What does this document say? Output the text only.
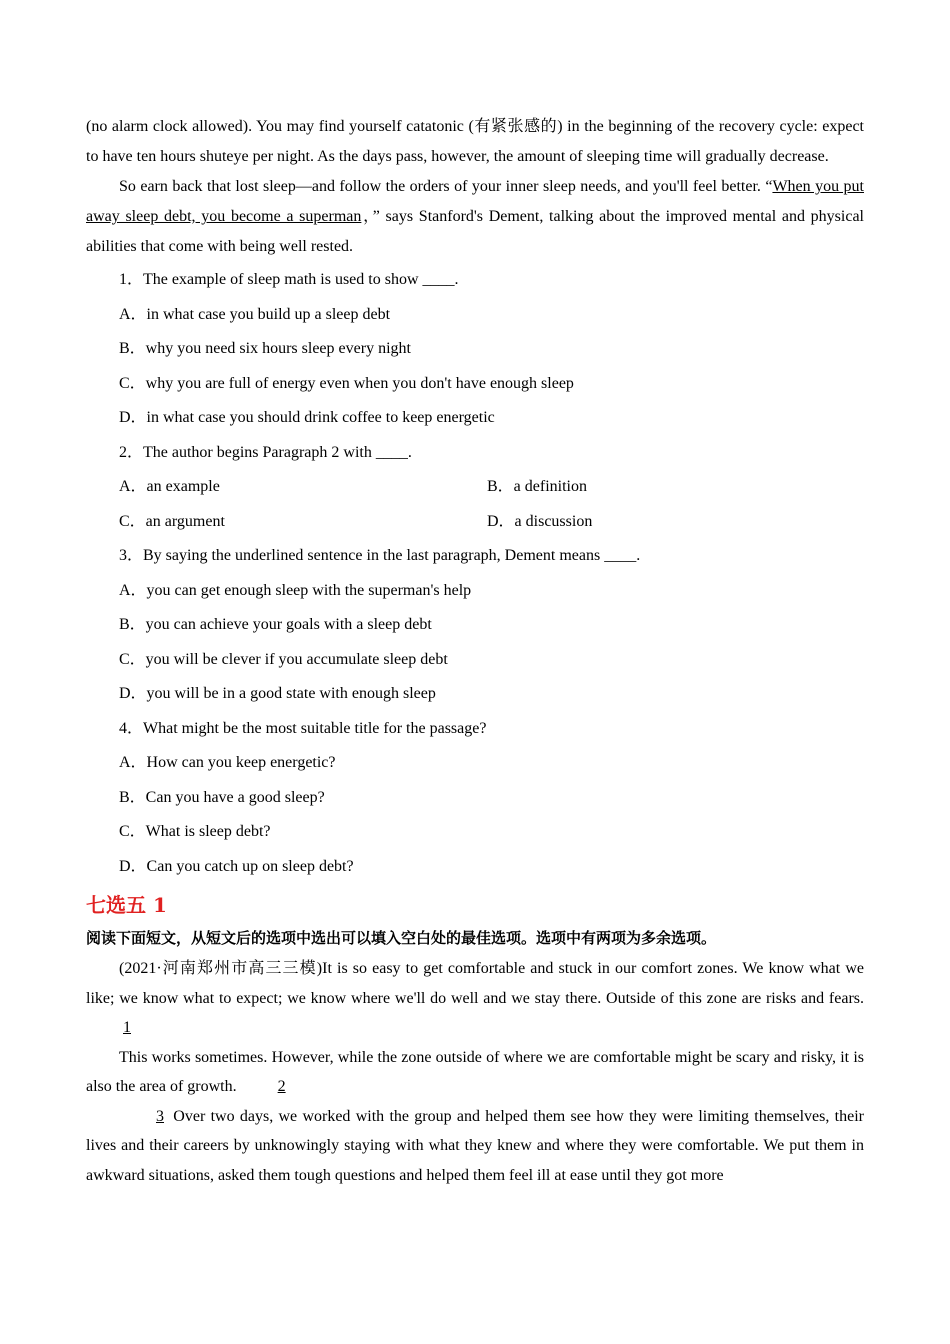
(no alarm clock allowed). You may find yourself catatonic (有紧张感的) in the beginning of the recovery cycle: expect to have ten hours shuteye per night. As the days pass, however, the amount of sleeping time will gradually decrease.

So earn back that lost sleep—and follow the orders of your inner sleep needs, and you'll feel better. “When you put away sleep debt, you become a superman，” says Stanford's Dement, talking about the improved mental and physical abilities that come with being well rested.

1．The example of sleep math is used to show ____.

A．in what case you build up a sleep debt

B．why you need six hours sleep every night

C．why you are full of energy even when you don't have enough sleep

D．in what case you should drink coffee to keep energetic

2．The author begins Paragraph 2 with ____.

A．an example	B．a definition
C．an argument	D．a discussion

3．By saying the underlined sentence in the last paragraph, Dement means ____.

A．you can get enough sleep with the superman's help

B．you can achieve your goals with a sleep debt

C．you will be clever if you accumulate sleep debt

D．you will be in a good state with enough sleep

4．What might be the most suitable title for the passage?

A．How can you keep energetic?

B．Can you have a good sleep?

C．What is sleep debt?

D．Can you catch up on sleep debt?

七选五 1

阅读下面短文，从短文后的选项中选出可以填入空白处的最佳选项。选项中有两项为多余选项。

(2021·河南郑州市高三三模)It is so easy to get comfortable and stuck in our comfort zones. We know what we like; we know what to expect; we know where we'll do well and we stay there. Outside of this zone are risks and fears. 1

This works sometimes. However, while the zone outside of where we are comfortable might be scary and risky, it is also the area of growth.	2

3 Over two days, we worked with the group and helped them see how they were limiting themselves, their lives and their careers by unknowingly staying with what they knew and where they were comfortable. We put them in awkward situations, asked them tough questions and helped them feel ill at ease until they got more
